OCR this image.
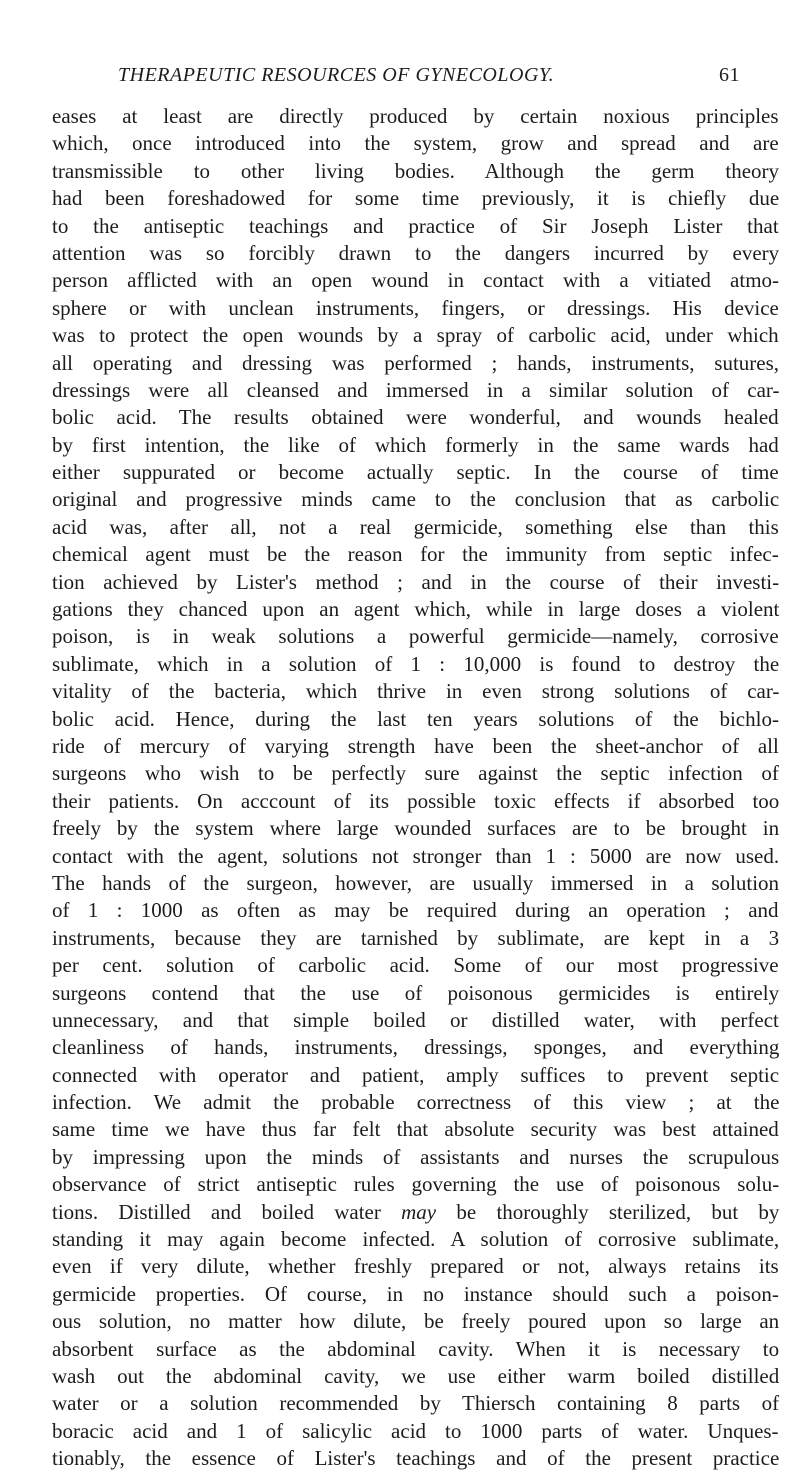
THERAPEUTIC RESOURCES OF GYNECOLOGY.	61
eases at least are directly produced by certain noxious principles
which, once introduced into the system, grow and spread and are
transmissible to other living bodies. Although the germ theory
had been foreshadowed for some time previously, it is chiefly due
to the antiseptic teachings and practice of Sir Joseph Lister that
attention was so forcibly drawn to the dangers incurred by every
person afflicted with an open wound in contact with a vitiated atmo-
sphere or with unclean instruments, fingers, or dressings. His device
was to protect the open wounds by a spray of carbolic acid, under which
all operating and dressing was performed ; hands, instruments, sutures,
dressings were all cleansed and immersed in a similar solution of car-
bolic acid. The results obtained were wonderful, and wounds healed
by first intention, the like of which formerly in the same wards had
either suppurated or become actually septic. In the course of time
original and progressive minds came to the conclusion that as carbolic
acid was, after all, not a real germicide, something else than this
chemical agent must be the reason for the immunity from septic infec-
tion achieved by Lister's method ; and in the course of their investi-
gations they chanced upon an agent which, while in large doses a violent
poison, is in weak solutions a powerful germicide—namely, corrosive
sublimate, which in a solution of 1 : 10,000 is found to destroy the
vitality of the bacteria, which thrive in even strong solutions of car-
bolic acid. Hence, during the last ten years solutions of the bichlo-
ride of mercury of varying strength have been the sheet-anchor of all
surgeons who wish to be perfectly sure against the septic infection of
their patients. On acccount of its possible toxic effects if absorbed too
freely by the system where large wounded surfaces are to be brought in
contact with the agent, solutions not stronger than 1 : 5000 are now used.
The hands of the surgeon, however, are usually immersed in a solution
of 1 : 1000 as often as may be required during an operation ; and
instruments, because they are tarnished by sublimate, are kept in a 3
per cent. solution of carbolic acid. Some of our most progressive
surgeons contend that the use of poisonous germicides is entirely
unnecessary, and that simple boiled or distilled water, with perfect
cleanliness of hands, instruments, dressings, sponges, and everything
connected with operator and patient, amply suffices to prevent septic
infection. We admit the probable correctness of this view ; at the
same time we have thus far felt that absolute security was best attained
by impressing upon the minds of assistants and nurses the scrupulous
observance of strict antiseptic rules governing the use of poisonous solu-
tions. Distilled and boiled water may be thoroughly sterilized, but by
standing it may again become infected. A solution of corrosive sublimate,
even if very dilute, whether freshly prepared or not, always retains its
germicide properties. Of course, in no instance should such a poison-
ous solution, no matter how dilute, be freely poured upon so large an
absorbent surface as the abdominal cavity. When it is necessary to
wash out the abdominal cavity, we use either warm boiled distilled
water or a solution recommended by Thiersch containing 8 parts of
boracic acid and 1 of salicylic acid to 1000 parts of water. Unques-
tionably, the essence of Lister's teachings and of the present practice
